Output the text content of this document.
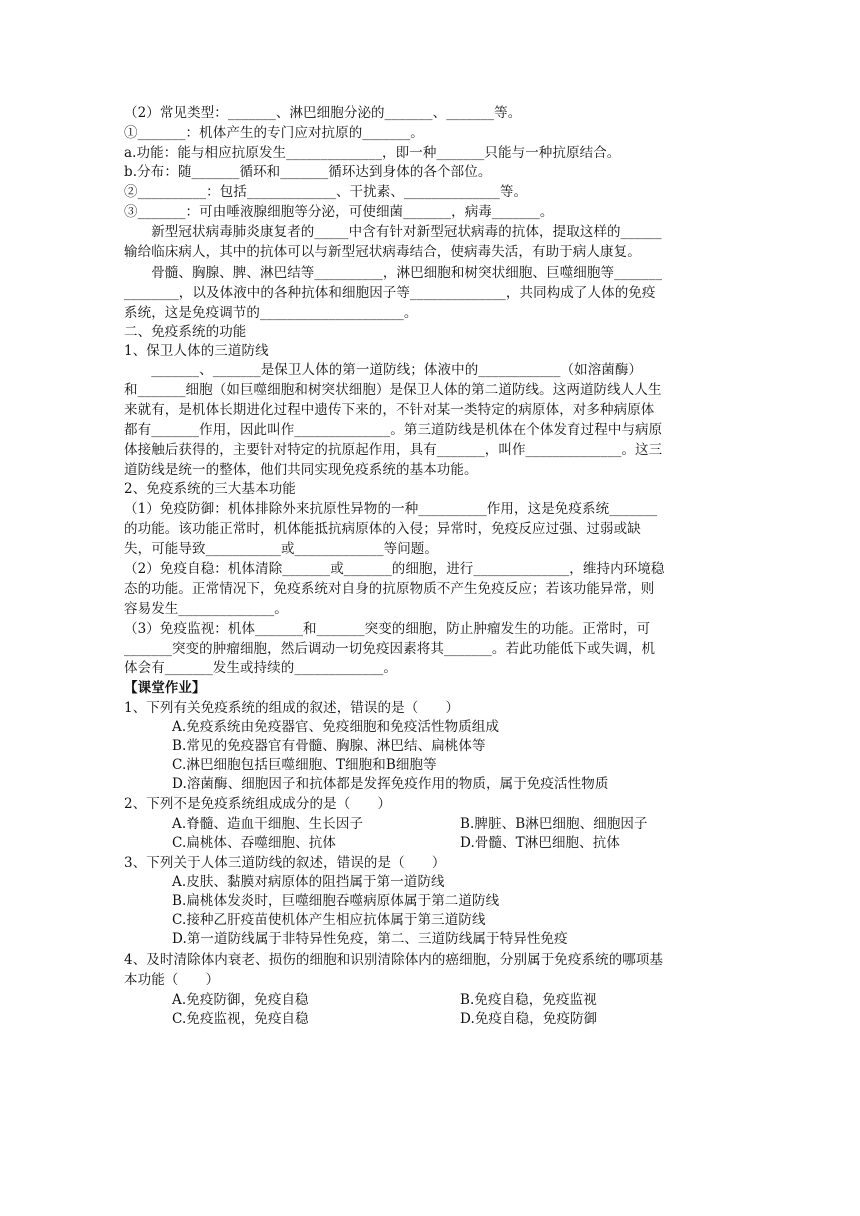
（2）常见类型：_______、淋巴细胞分泌的_______、_______等。
①_______：机体产生的专门应对抗原的_______。
a.功能：能与相应抗原发生______________，即一种_______只能与一种抗原结合。
b.分布：随_______循环和_______循环达到身体的各个部位。
②__________：包括_____________、干扰素、______________等。
③_______：可由唾液腺细胞等分泌，可使细菌_______，病毒_______。
　　新型冠状病毒肺炎康复者的_____中含有针对新型冠状病毒的抗体，提取这样的______
输给临床病人，其中的抗体可以与新型冠状病毒结合，使病毒失活，有助于病人康复。
　　骨髓、胸腺、脾、淋巴结等__________，淋巴细胞和树突状细胞、巨噬细胞等_______
________，以及体液中的各种抗体和细胞因子等______________，共同构成了人体的免疫
系统，这是免疫调节的_____________________。
二、免疫系统的功能
1、保卫人体的三道防线
　　_______、_______是保卫人体的第一道防线；体液中的____________（如溶菌酶）
和_______细胞（如巨噬细胞和树突状细胞）是保卫人体的第二道防线。这两道防线人人生
来就有，是机体长期进化过程中遗传下来的，不针对某一类特定的病原体，对多种病原体
都有_______作用，因此叫作______________。第三道防线是机体在个体发育过程中与病原
体接触后获得的，主要针对特定的抗原起作用，具有_______，叫作______________。这三
道防线是统一的整体，他们共同实现免疫系统的基本功能。
2、免疫系统的三大基本功能
（1）免疫防御：机体排除外来抗原性异物的一种__________作用，这是免疫系统_______
的功能。该功能正常时，机体能抵抗病原体的入侵；异常时，免疫反应过强、过弱或缺
失，可能导致___________或_____________等问题。
（2）免疫自稳：机体清除_______或_______的细胞，进行______________，维持内环境稳
态的功能。正常情况下，免疫系统对自身的抗原物质不产生免疫反应；若该功能异常，则
容易发生______________。
（3）免疫监视：机体_______和_______突变的细胞，防止肿瘤发生的功能。正常时，可
_______突变的肿瘤细胞，然后调动一切免疫因素将其_______。若此功能低下或失调，机
体会有_______发生或持续的_____________。
【课堂作业】
1、下列有关免疫系统的组成的叙述，错误的是（　　）
A.免疫系统由免疫器官、免疫细胞和免疫活性物质组成
B.常见的免疫器官有骨髓、胸腺、淋巴结、扁桃体等
C.淋巴细胞包括巨噬细胞、T细胞和B细胞等
D.溶菌酶、细胞因子和抗体都是发挥免疫作用的物质，属于免疫活性物质
2、下列不是免疫系统组成成分的是（　　）
A.脊髓、造血干细胞、生长因子	B.脾脏、B淋巴细胞、细胞因子
C.扁桃体、吞噬细胞、抗体	D.骨髓、T淋巴细胞、抗体
3、下列关于人体三道防线的叙述，错误的是（　　）
A.皮肤、黏膜对病原体的阻挡属于第一道防线
B.扁桃体发炎时，巨噬细胞吞噬病原体属于第二道防线
C.接种乙肝疫苗使机体产生相应抗体属于第三道防线
D.第一道防线属于非特异性免疫，第二、三道防线属于特异性免疫
4、及时清除体内衰老、损伤的细胞和识别清除体内的癌细胞，分别属于免疫系统的哪项基
本功能（　　）
A.免疫防御，免疫自稳	B.免疫自稳，免疫监视
C.免疫监视，免疫自稳	D.免疫自稳，免疫防御
